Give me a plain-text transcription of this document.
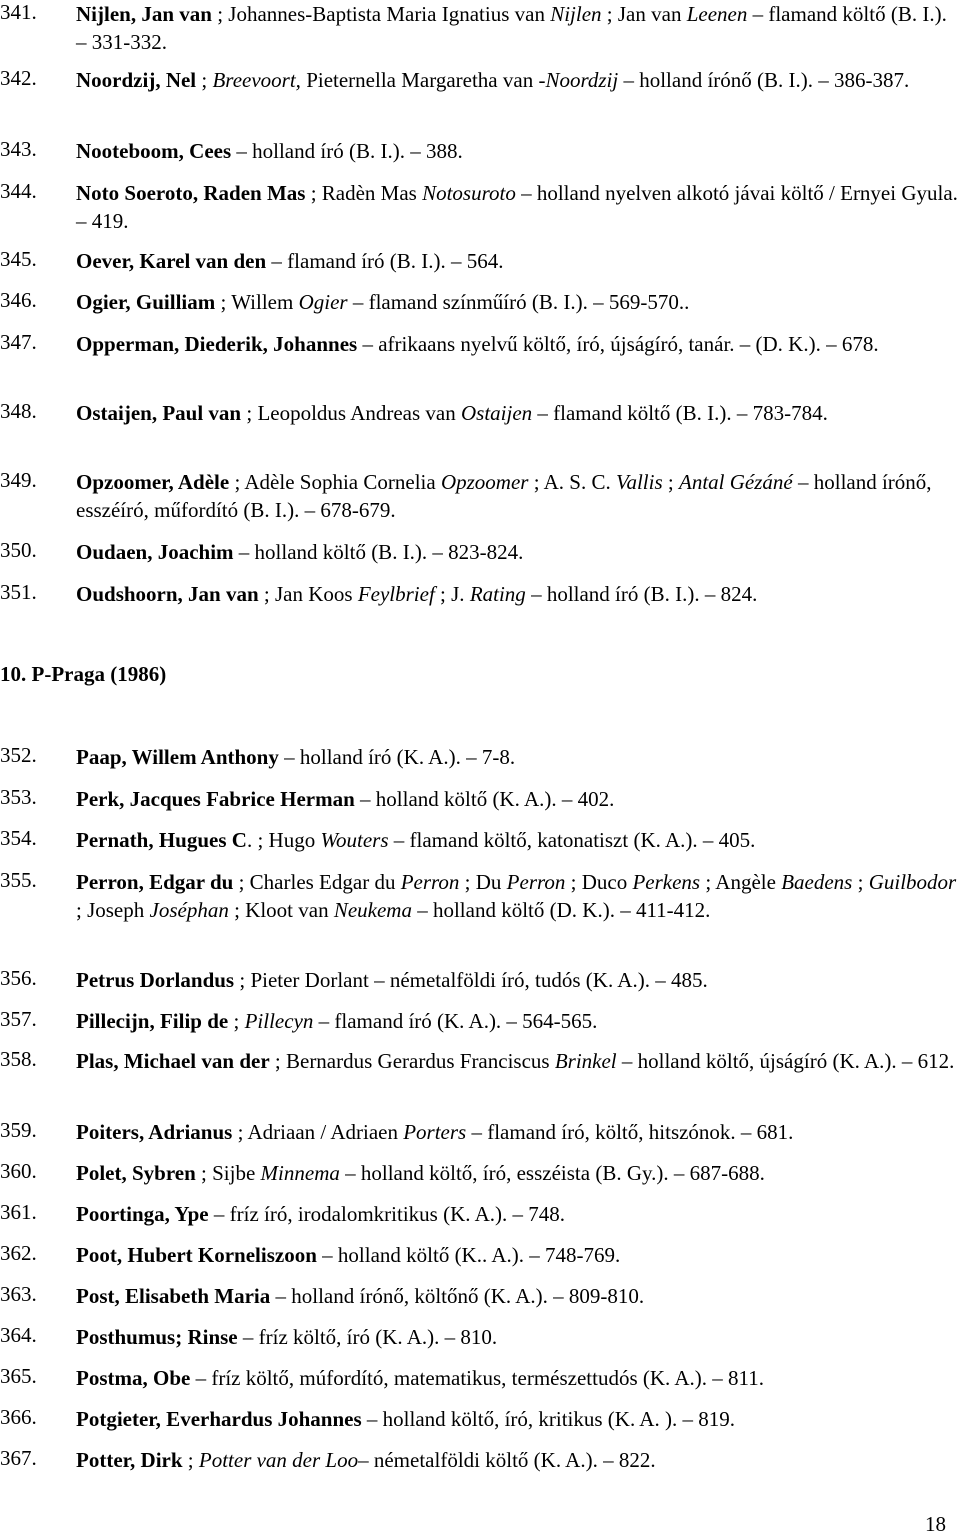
341. Nijlen, Jan van ; Johannes-Baptista Maria Ignatius van Nijlen ; Jan van Leenen – flamand költő (B. I.). – 331-332.
342. Noordzij, Nel ; Breevoort, Pieternella Margaretha van -Noordzij – holland írónő (B. I.). – 386-387.
343. Nooteboom, Cees – holland író (B. I.). – 388.
344. Noto Soeroto, Raden Mas ; Radèn Mas Notosuroto – holland nyelven alkotó jávai költő / Ernyei Gyula. – 419.
345. Oever, Karel van den – flamand író (B. I.). – 564.
346. Ogier, Guilliam ; Willem Ogier – flamand színműíró (B. I.). – 569-570..
347. Opperman, Diederik, Johannes – afrikaans nyelvű költő, író, újságíró, tanár. – (D. K.). – 678.
348. Ostaijen, Paul van ; Leopoldus Andreas van Ostaijen – flamand költő (B. I.). – 783-784.
349. Opzoomer, Adèle ; Adèle Sophia Cornelia Opzoomer ; A. S. C. Vallis ; Antal Gézáné – holland írónő, esszéíró, műfordító (B. I.). – 678-679.
350. Oudaen, Joachim – holland költő (B. I.). – 823-824.
351. Oudshoorn, Jan van ; Jan Koos Feylbrief ; J. Rating – holland író (B. I.). – 824.
10. P-Praga (1986)
352. Paap, Willem Anthony – holland író (K. A.). – 7-8.
353. Perk, Jacques Fabrice Herman – holland költő (K. A.). – 402.
354. Pernath, Hugues C. ; Hugo Wouters – flamand költő, katonatiszt (K. A.). – 405.
355. Perron, Edgar du ; Charles Edgar du Perron ; Du Perron ; Duco Perkens ; Angèle Baedens ; Guilbodor ; Joseph Joséphan ; Kloot van Neukema – holland költő (D. K.). – 411-412.
356. Petrus Dorlandus ; Pieter Dorlant – németalföldi író, tudós (K. A.). – 485.
357. Pillecijn, Filip de ; Pillecyn – flamand író (K. A.). – 564-565.
358. Plas, Michael van der ; Bernardus Gerardus Franciscus Brinkel – holland költő, újságíró (K. A.). – 612.
359. Poiters, Adrianus ; Adriaan / Adriaen Porters – flamand író, költő, hitszónok. – 681.
360. Polet, Sybren ; Sijbe Minnema – holland költő, író, esszéista (B. Gy.). – 687-688.
361. Poortinga, Ype – fríz író, irodalomkritikus (K. A.). – 748.
362. Poot, Hubert Korneliszoon – holland költő (K.. A.). – 748-769.
363. Post, Elisabeth Maria – holland írónő, költőnő (K. A.). – 809-810.
364. Posthumus; Rinse – fríz költő, író (K. A.). – 810.
365. Postma, Obe – fríz költő, múfordító, matematikus, természettudós (K. A.). – 811.
366. Potgieter, Everhardus Johannes – holland költő, író, kritikus (K. A. ). – 819.
367. Potter, Dirk ; Potter van der Loo– németalföldi költő (K. A.). – 822.
18
